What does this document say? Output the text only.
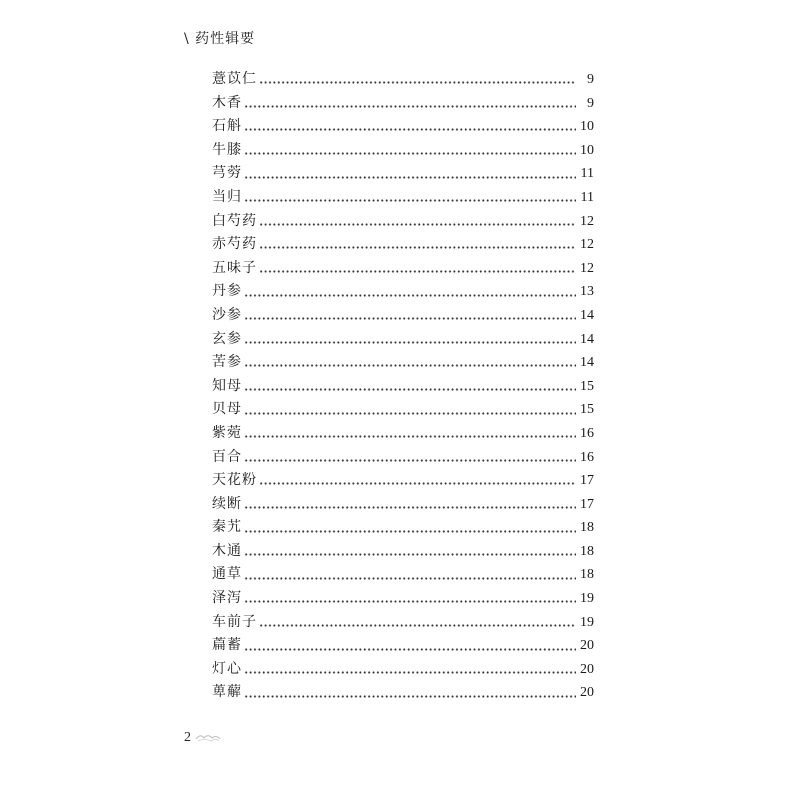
\ 药性辑要
薏苡仁	9
木香	9
石斛	10
牛膝	10
芎䓖	11
当归	11
白芍药	12
赤芍药	12
五味子	12
丹参	13
沙参	14
玄参	14
苦参	14
知母	15
贝母	15
紫菀	16
百合	16
天花粉	17
续断	17
秦艽	18
木通	18
通草	18
泽泻	19
车前子	19
萹蓄	20
灯心	20
萆薢	20
2
